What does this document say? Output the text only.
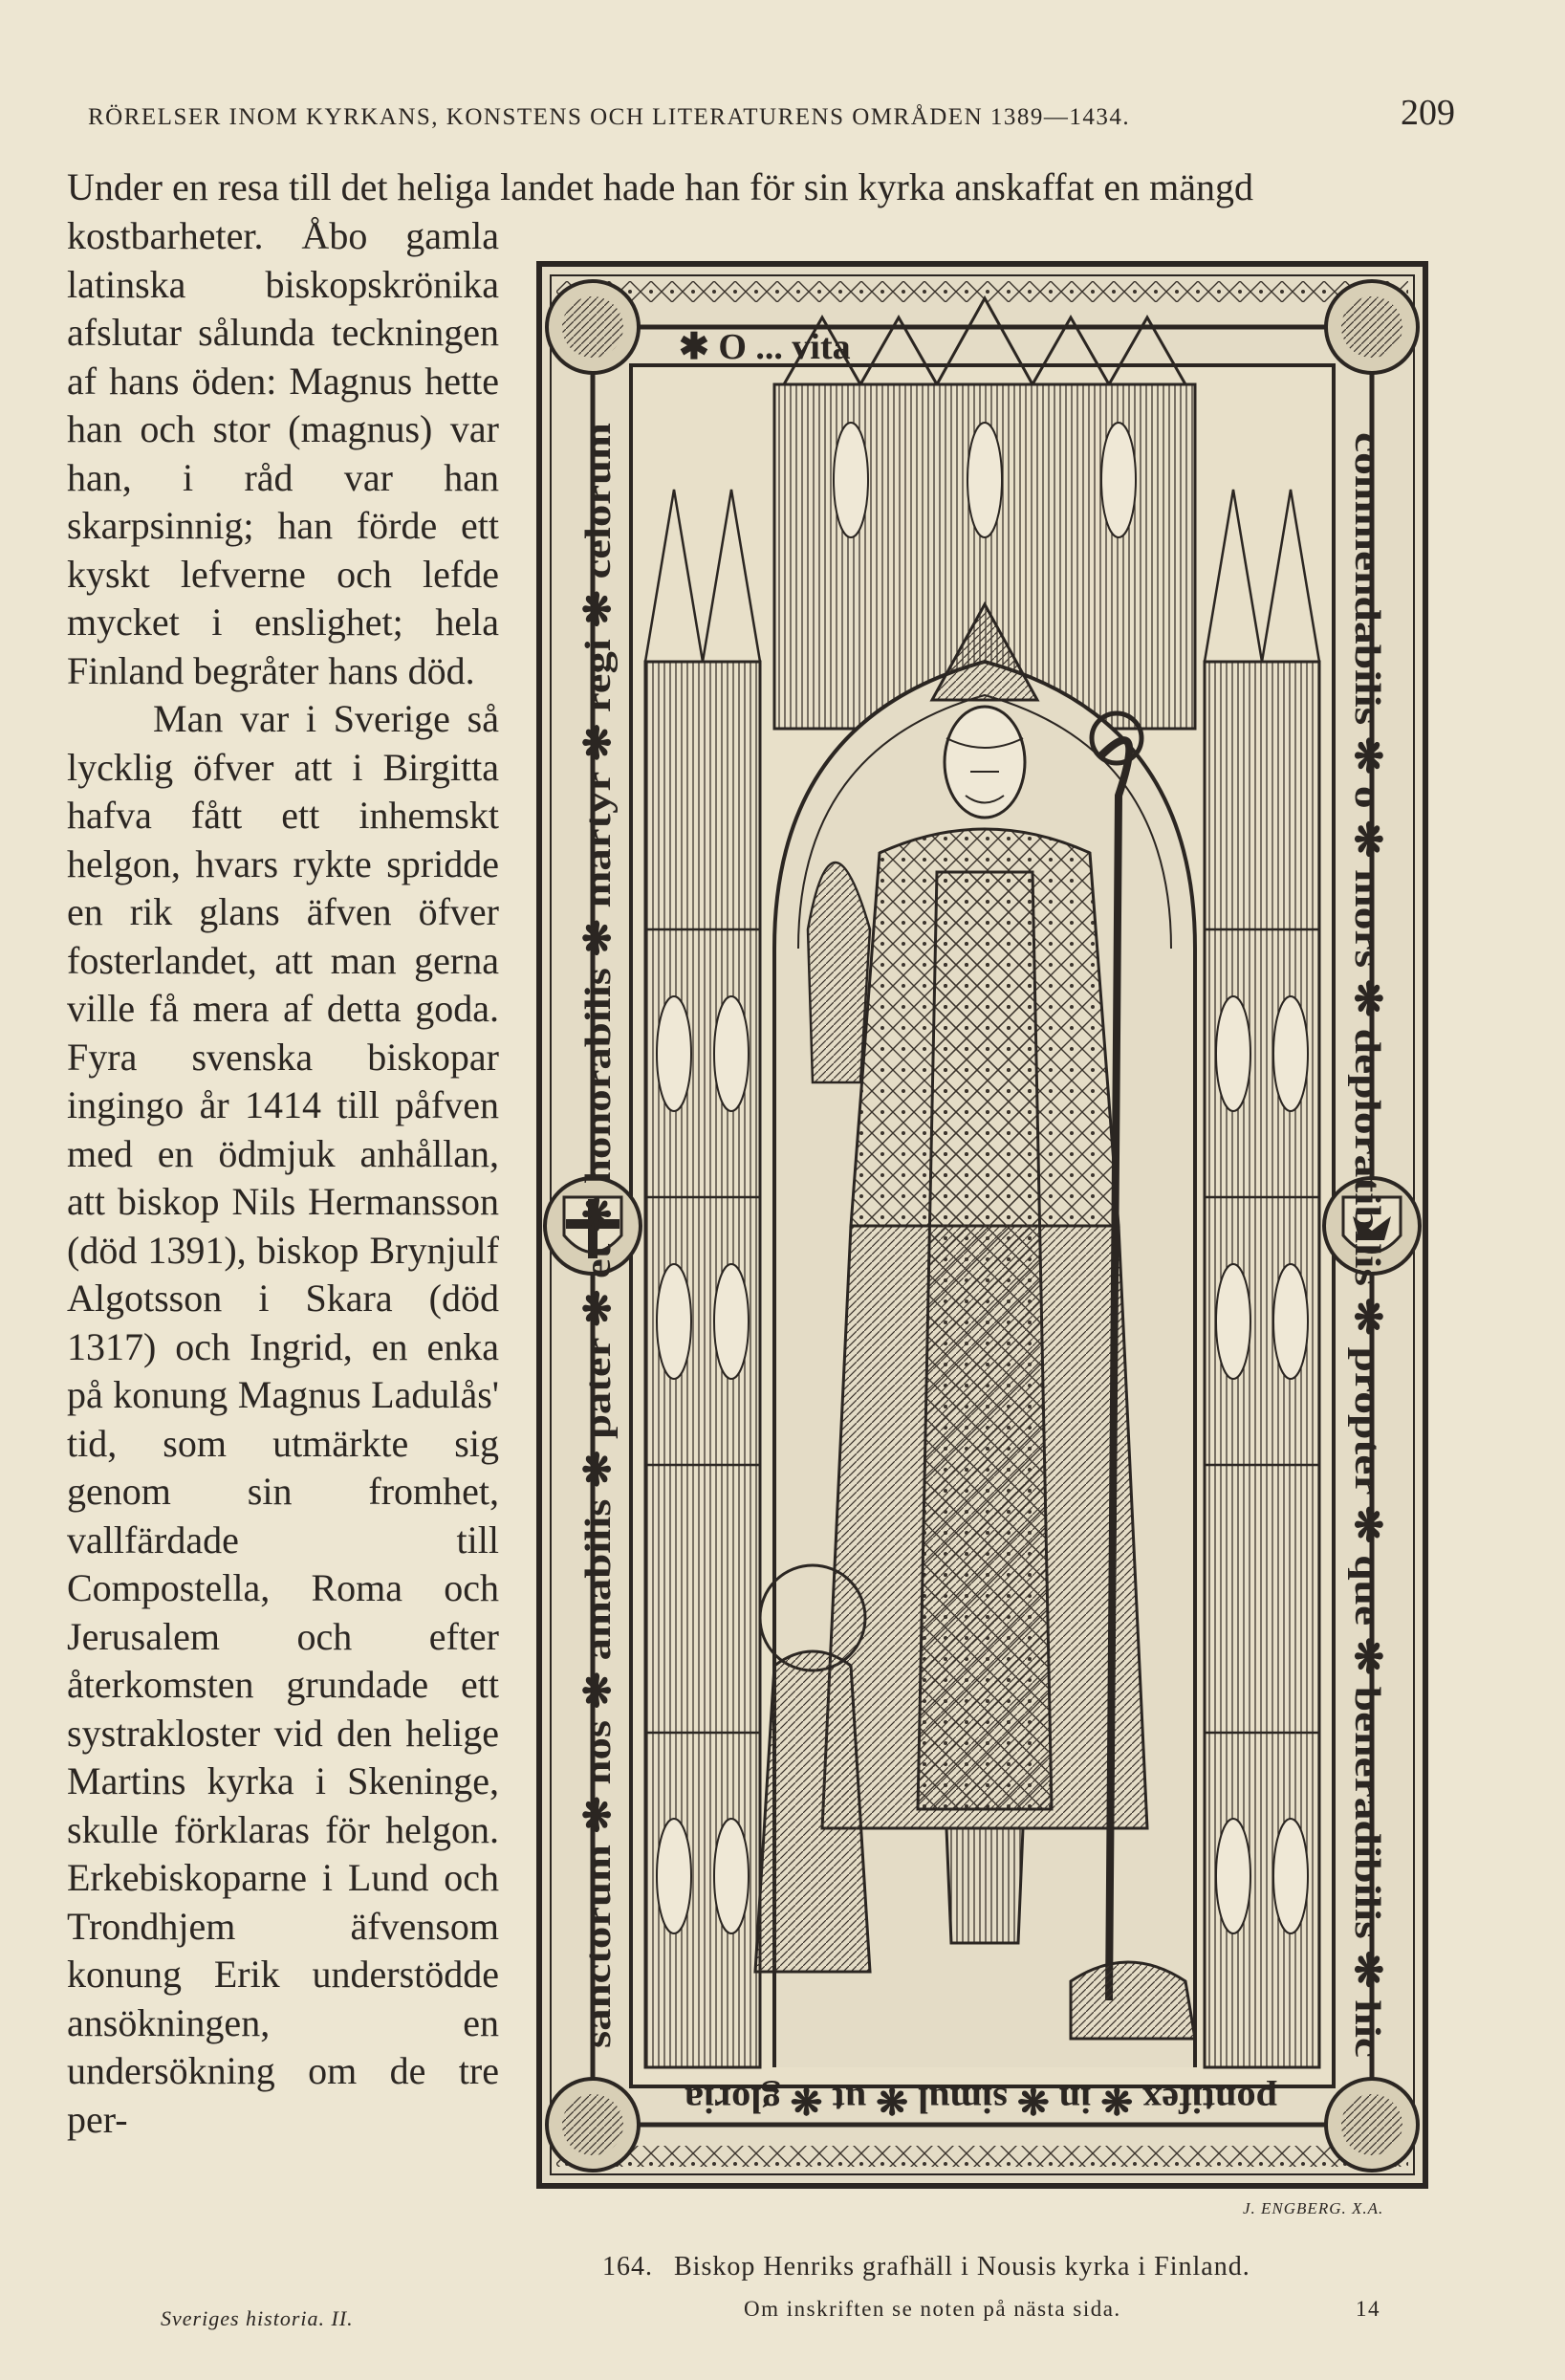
RÖRELSER INOM KYRKANS, KONSTENS OCH LITERATURENS OMRÅDEN 1389—1434.	209
Under en resa till det heliga landet hade han för sin kyrka anskaffat en mängd

kostbarheter. Åbo gamla latinska biskopskrönika afslutar sålunda teckningen af hans öden: Magnus hette han och stor (magnus) var han, i råd var han skarpsinnig; han förde ett kyskt lefverne och lefde mycket i enslighet; hela Finland begråter hans död.

Man var i Sverige så lycklig öfver att i Birgitta hafva fått ett inhemskt helgon, hvars rykte spridde en rik glans äfven öfver fosterlandet, att man gerna ville få mera af detta goda. Fyra svenska biskopar ingingo år 1414 till påfven med en ödmjuk anhållan, att biskop Nils Hermansson (död 1391), biskop Brynjulf Algotsson i Skara (död 1317) och Ingrid, en enka på konung Magnus Ladulås' tid, som utmärkte sig genom sin fromhet, vallfärdade till Compostella, Roma och Jerusalem och efter återkomsten grundade ett systrakloster vid den helige Martins kyrka i Skeninge, skulle förklaras för helgon. Erkebiskoparne i Lund och Trondhjem äfvensom konung Erik understödde ansökningen, en undersökning om de tre per-

✱ O ... vita
commendabilis ❋ o ❋ mors ❋ deploratibilis ❋ propter ❋ que ❋ beneradibilis ❋ hic
pontifex ❋ in ❋ simul ❋ ut ❋ gloria
sanctorum ❋ nos ❋ amabilis ❋ pater ❋ et ❋ honorabilis ❋ martyr ❋ regi ❋ celorum
J. ENGBERG. X.A.
164. Biskop Henriks grafhäll i Nousis kyrka i Finland.
Om inskriften se noten på nästa sida.	14
Sveriges historia. II.
